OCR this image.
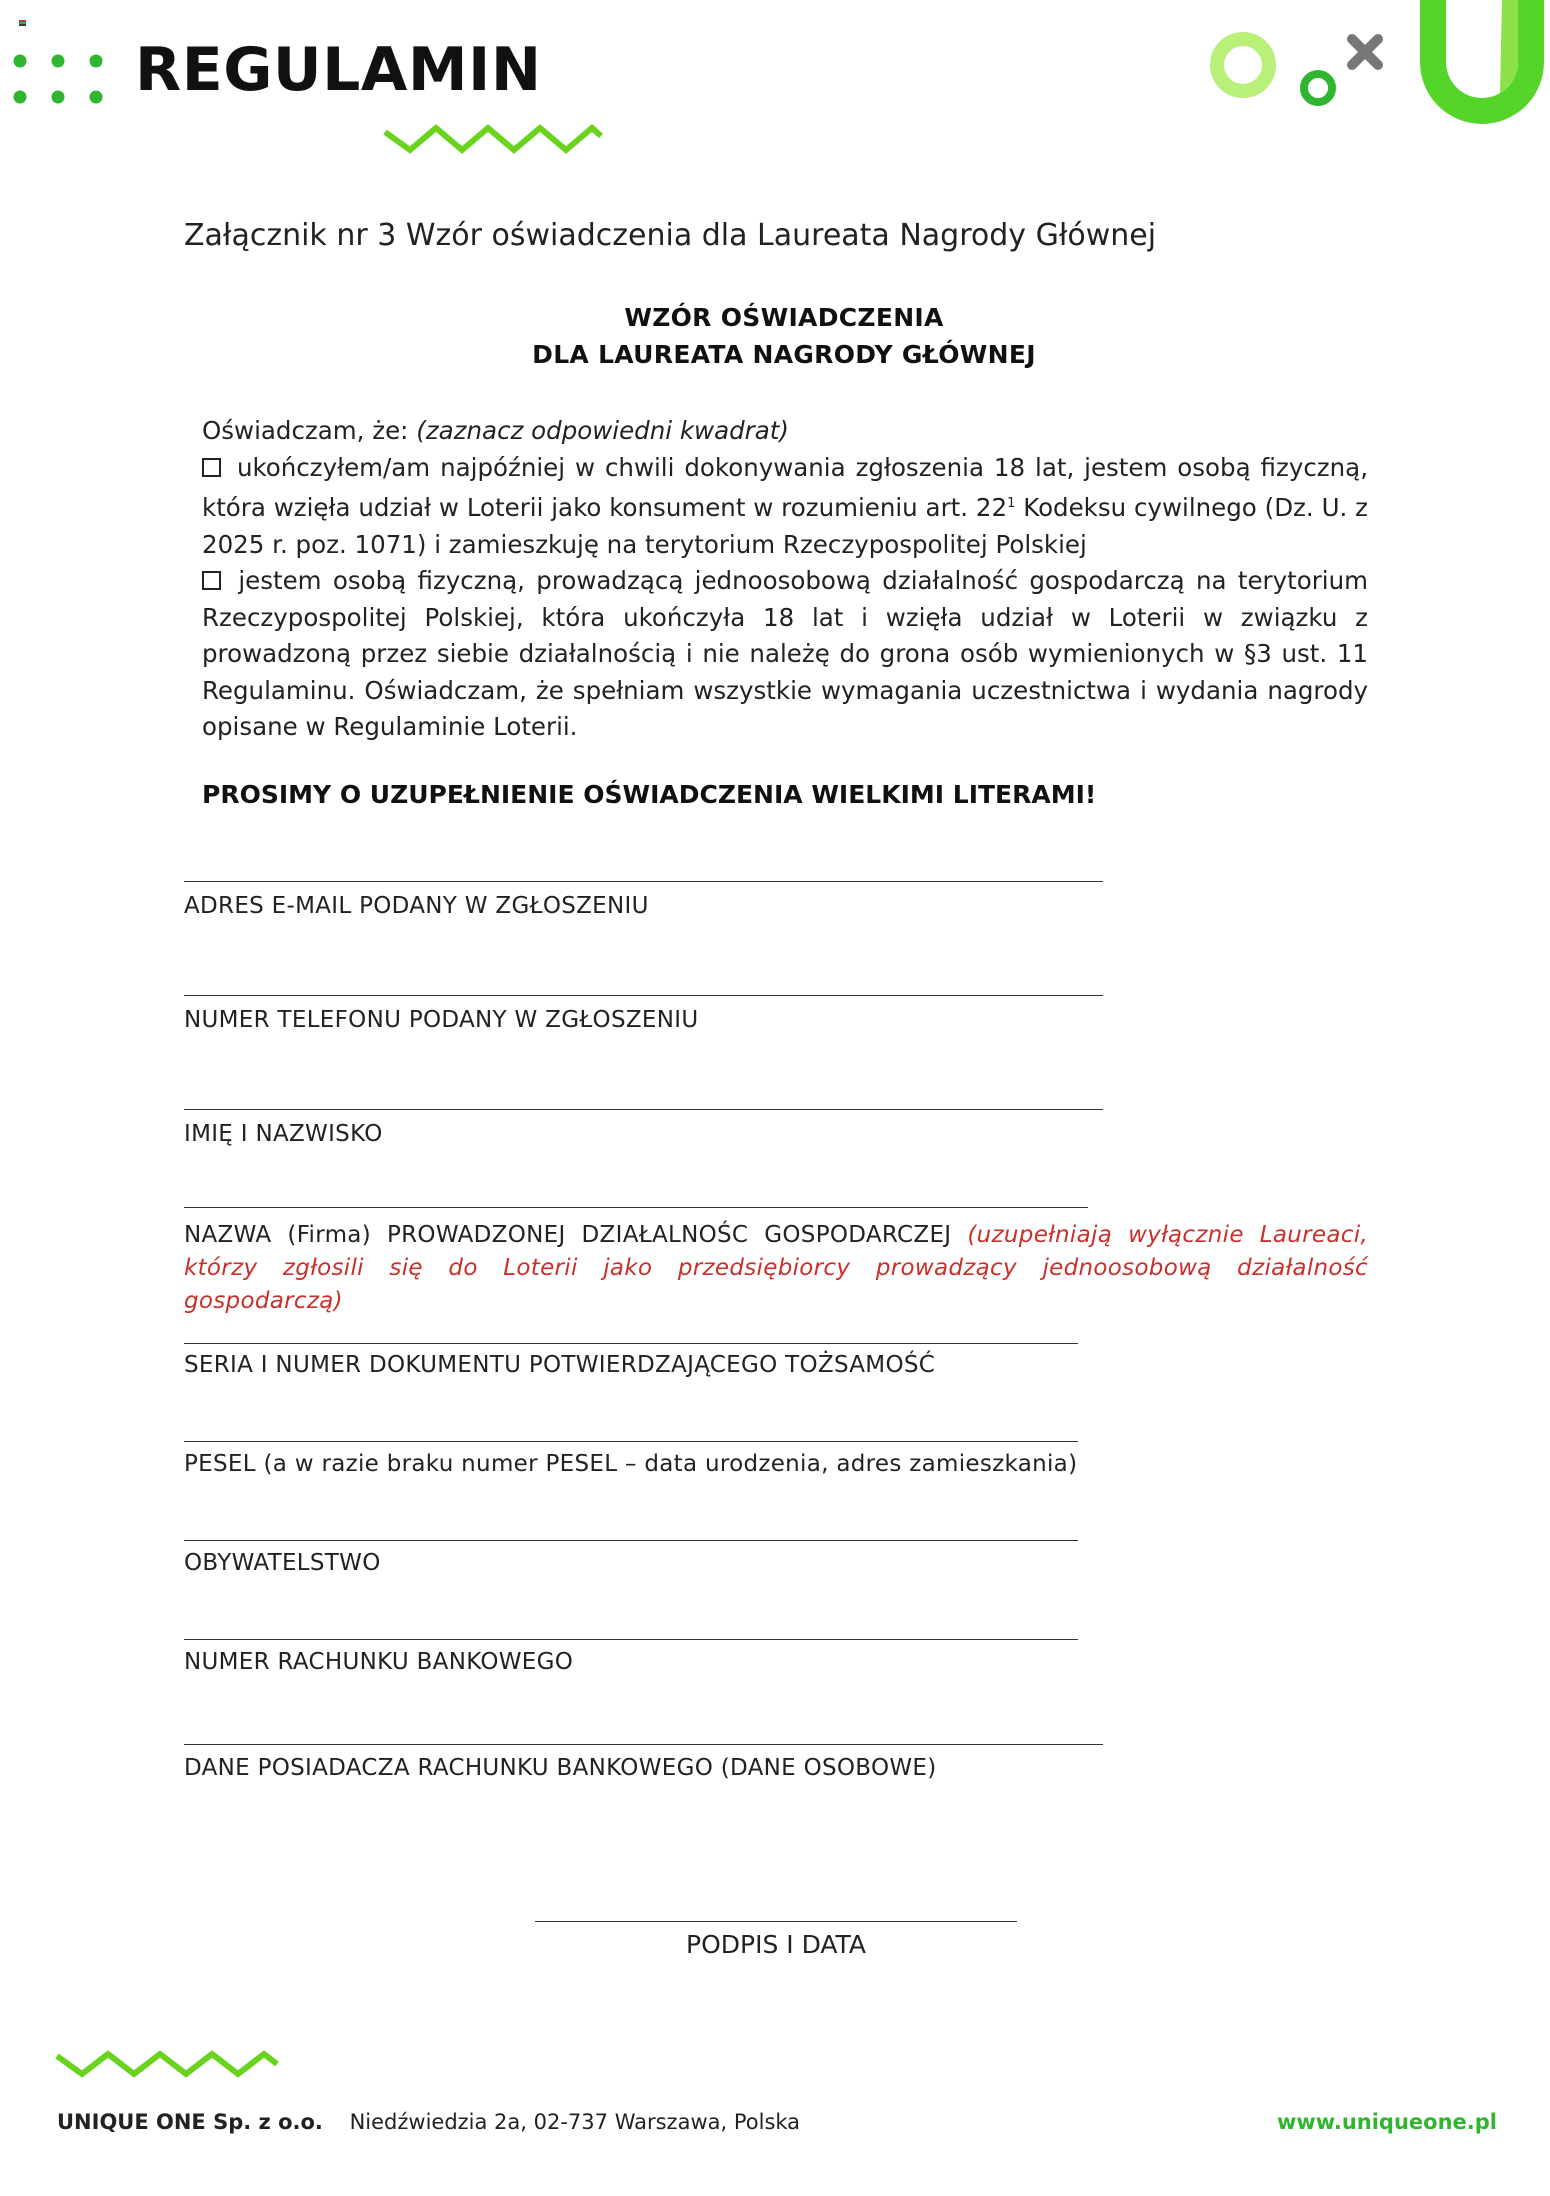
REGULAMIN
Załącznik nr 3 Wzór oświadczenia dla Laureata Nagrody Głównej
WZÓR OŚWIADCZENIA
DLA LAUREATA NAGRODY GŁÓWNEJ
Oświadczam, że: (zaznacz odpowiedni kwadrat)
ukończyłem/am najpóźniej w chwili dokonywania zgłoszenia 18 lat, jestem osobą fizyczną, która wzięła udział w Loterii jako konsument w rozumieniu art. $22^1$ Kodeksu cywilnego (Dz. U. z 2025 r. poz. 1071) i zamieszkuję na terytorium Rzeczypospolitej Polskiej
jestem osobą fizyczną, prowadzącą jednoosobową działalność gospodarczą na terytorium Rzeczypospolitej Polskiej, która ukończyła 18 lat i wzięła udział w Loterii w związku z prowadzoną przez siebie działalnością i nie należę do grona osób wymienionych w §3 ust. 11 Regulaminu. Oświadczam, że spełniam wszystkie wymagania uczestnictwa i wydania nagrody opisane w Regulaminie Loterii.

PROSIMY O UZUPEŁNIENIE OŚWIADCZENIA WIELKIMI LITERAMI!

ADRES E-MAIL PODANY W ZGŁOSZENIU

NUMER TELEFONU PODANY W ZGŁOSZENIU

IMIĘ I NAZWISKO

NAZWA (Firma) PROWADZONEJ DZIAŁALNOŚC GOSPODARCZEJ (uzupełniają wyłącznie Laureaci, którzy zgłosili się do Loterii jako przedsiębiorcy prowadzący jednoosobową działalność gospodarczą)

SERIA I NUMER DOKUMENTU POTWIERDZAJĄCEGO TOŻSAMOŚĆ

PESEL (a w razie braku numer PESEL – data urodzenia, adres zamieszkania)

OBYWATELSTWO

NUMER RACHUNKU BANKOWEGO

DANE POSIADACZA RACHUNKU BANKOWEGO (DANE OSOBOWE)

PODPIS I DATA
UNIQUE ONE Sp. z o.o. Niedźwiedzia 2a, 02-737 Warszawa, Polska	www.uniqueone.pl
